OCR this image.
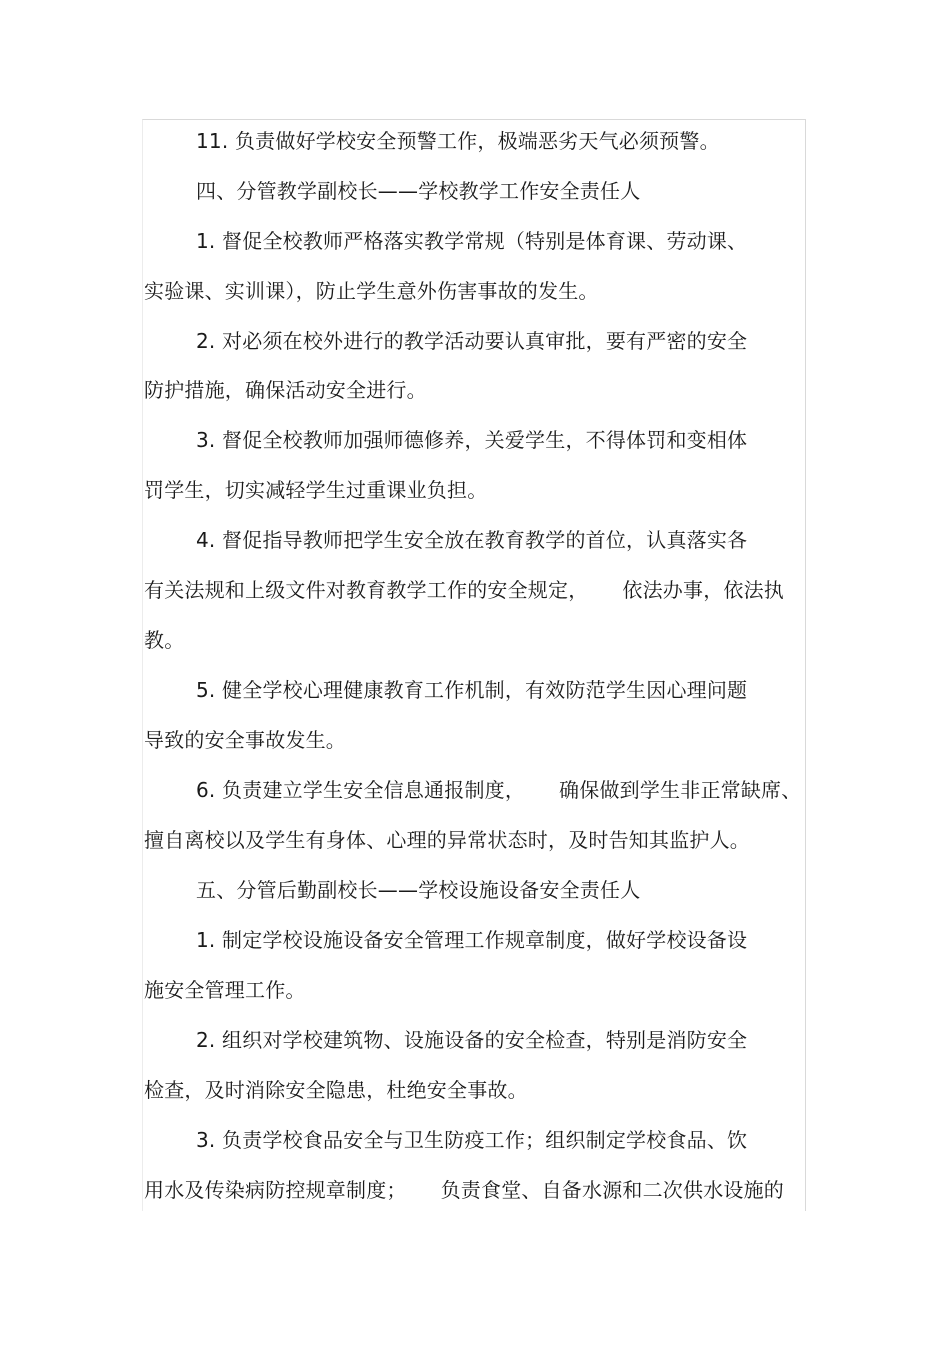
11. 负责做好学校安全预警工作，极端恶劣天气必须预警。
四、分管教学副校长——学校教学工作安全责任人
1. 督促全校教师严格落实教学常规（特别是体育课、劳动课、
实验课、实训课），防止学生意外伤害事故的发生。
2. 对必须在校外进行的教学活动要认真审批，要有严密的安全
防护措施，确保活动安全进行。
3. 督促全校教师加强师德修养，关爱学生，不得体罚和变相体
罚学生，切实减轻学生过重课业负担。
4. 督促指导教师把学生安全放在教育教学的首位，认真落实各
有关法规和上级文件对教育教学工作的安全规定， 依法办事，依法执
教。
5. 健全学校心理健康教育工作机制，有效防范学生因心理问题
导致的安全事故发生。
6. 负责建立学生安全信息通报制度， 确保做到学生非正常缺席、
擅自离校以及学生有身体、心理的异常状态时，及时告知其监护人。
五、分管后勤副校长——学校设施设备安全责任人
1. 制定学校设施设备安全管理工作规章制度，做好学校设备设
施安全管理工作。
2. 组织对学校建筑物、设施设备的安全检查，特别是消防安全
检查，及时消除安全隐患，杜绝安全事故。
3. 负责学校食品安全与卫生防疫工作；组织制定学校食品、饮
用水及传染病防控规章制度； 负责食堂、自备水源和二次供水设施的
